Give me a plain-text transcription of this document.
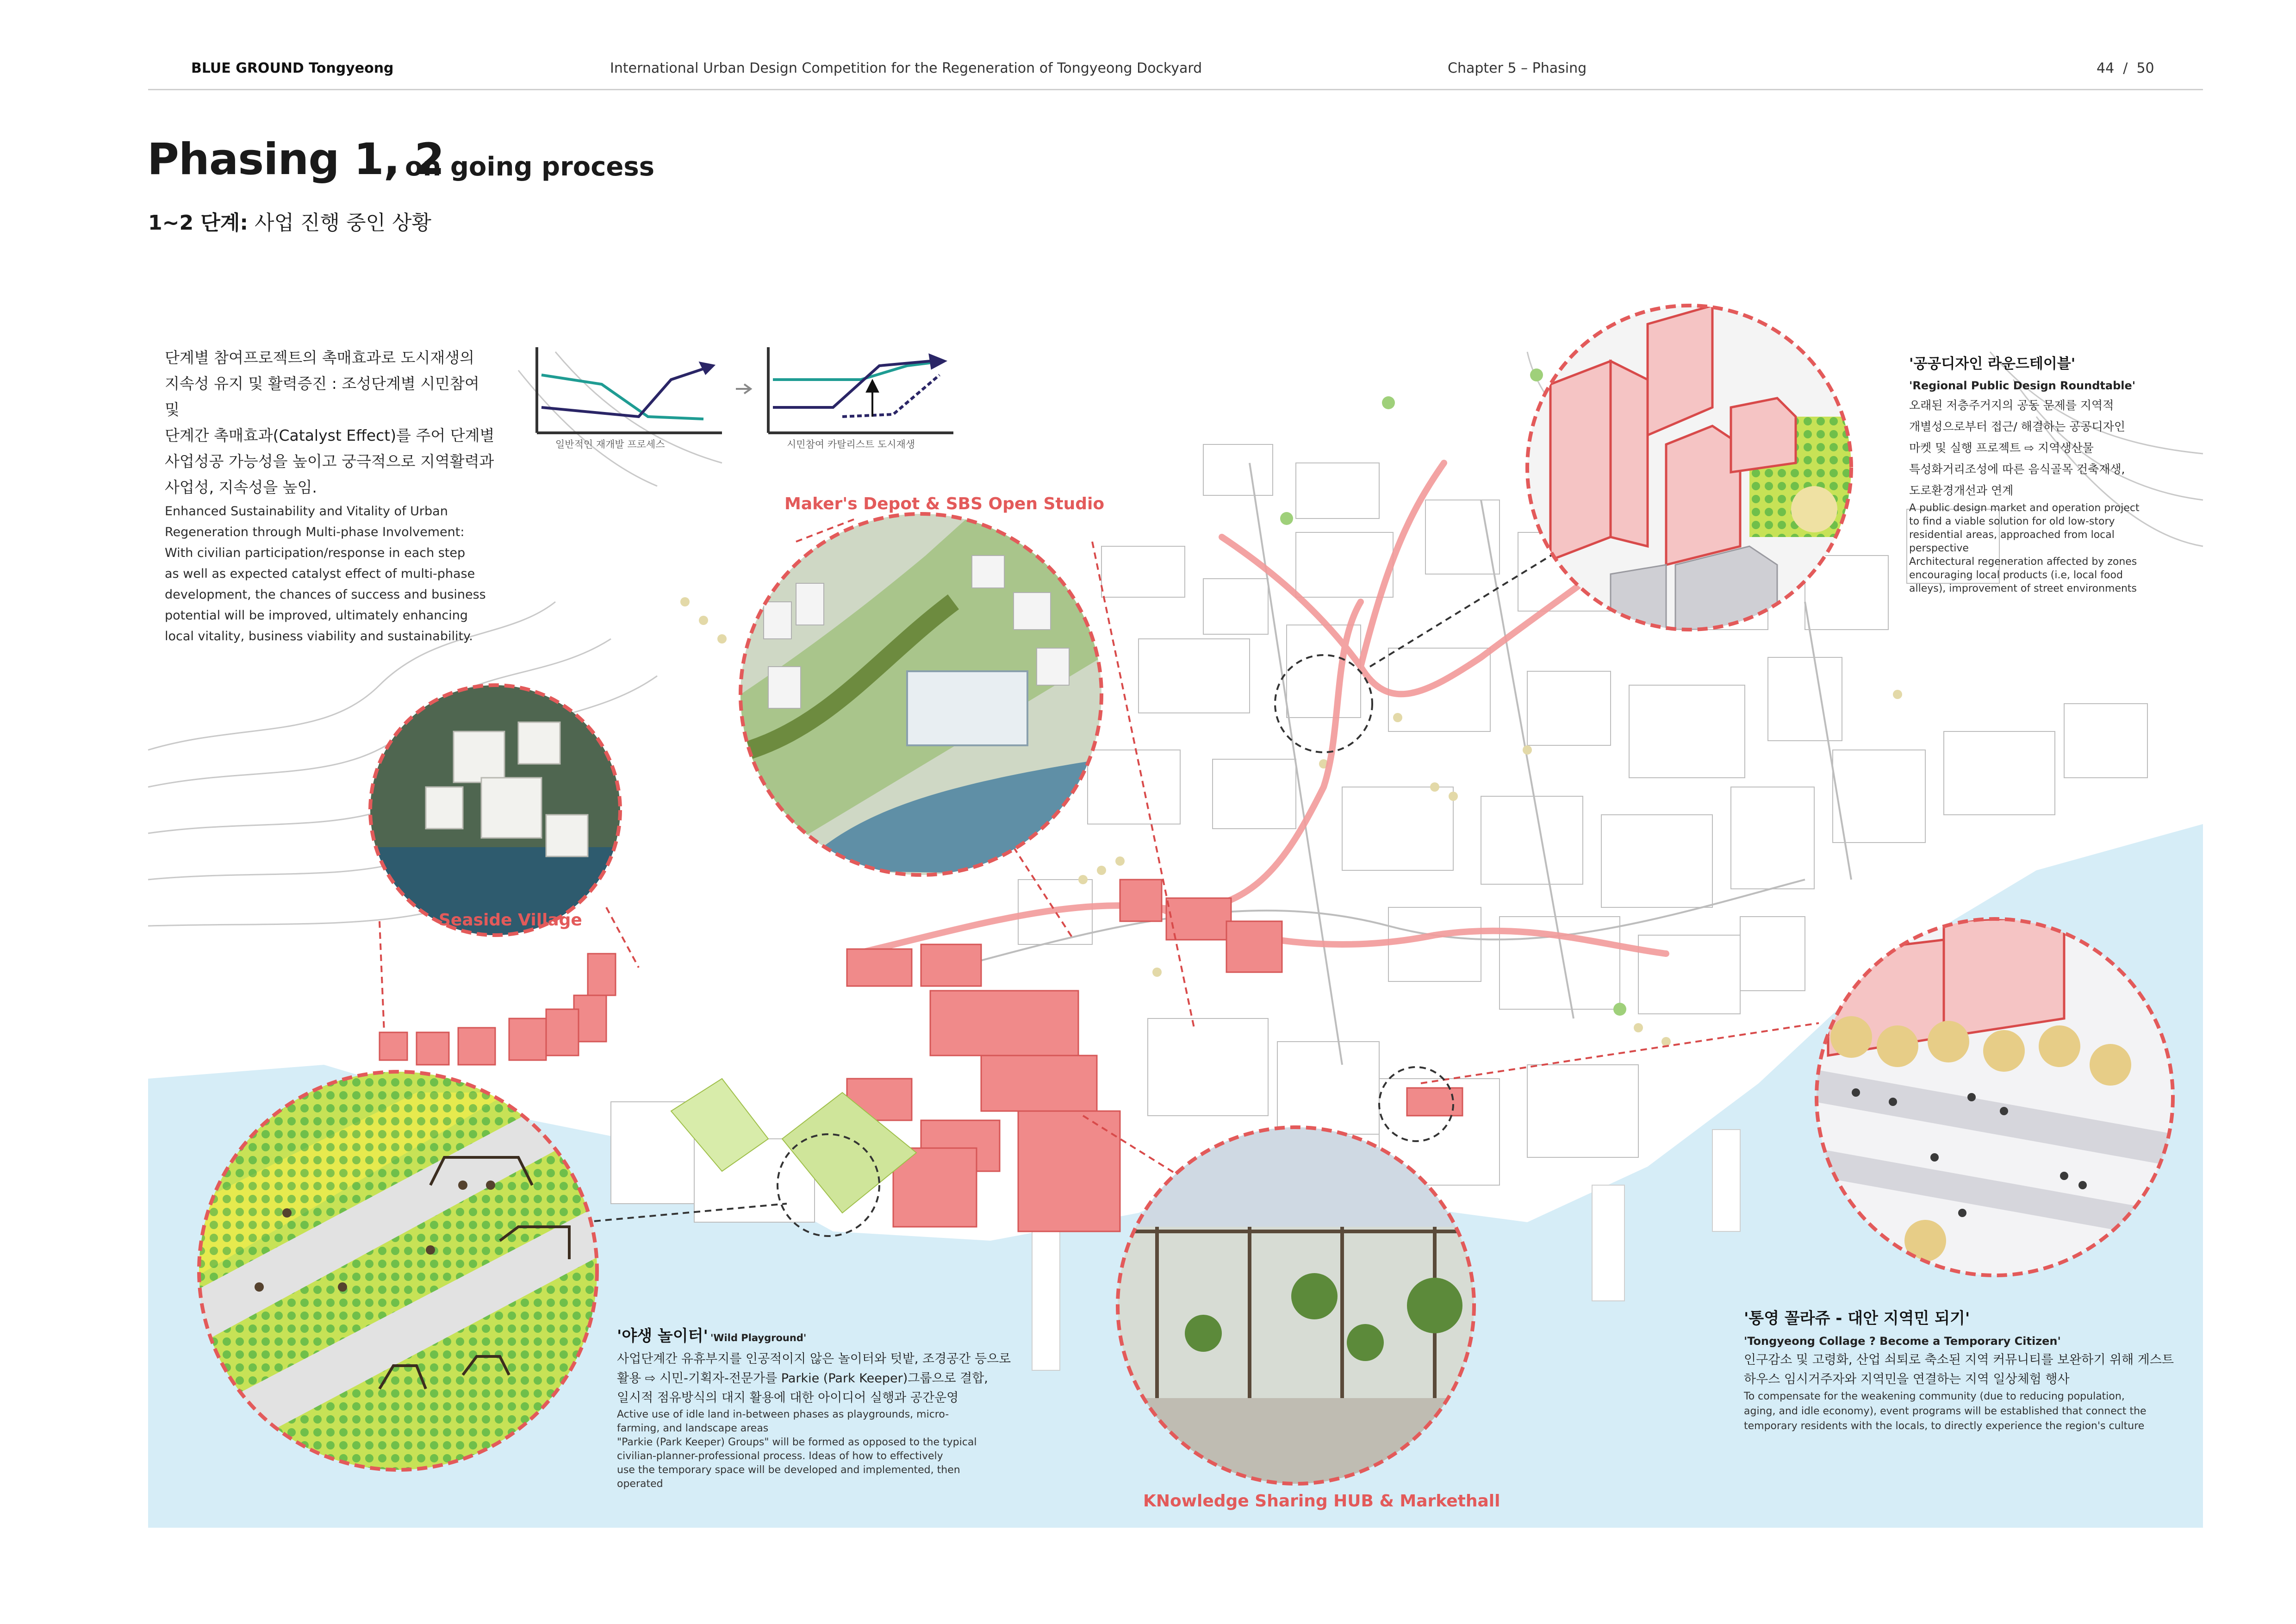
BLUE GROUND Tongyeong	International Urban Design Competition for the Regeneration of Tongyeong Dockyard	Chapter 5 – Phasing	44 / 50
Phasing 1, 2
on going process
1~2 단계: 사업 진행 중인 상황
단계별 참여프로젝트의 촉매효과로 도시재생의
지속성 유지 및 활력증진 : 조성단계별 시민참여 및
단계간 촉매효과(Catalyst Effect)를 주어 단계별
사업성공 가능성을 높이고 궁극적으로 지역활력과
사업성, 지속성을 높임.
Enhanced Sustainability and Vitality of Urban
Regeneration through Multi-phase Involvement:
With civilian participation/response in each step
as well as expected catalyst effect of multi-phase
development, the chances of success and business
potential will be improved, ultimately enhancing
local vitality, business viability and sustainability.
일반적인 재개발 프로세스	시민참여 카탈리스트 도시재생
Maker's Depot & SBS Open Studio
Seaside Village
KNowledge Sharing HUB & Markethall
'공공디자인 라운드테이블'
'Regional Public Design Roundtable'
오래된 저층주거지의 공동 문제를 지역적
개별성으로부터 접근/ 해결하는 공공디자인
마켓 및 실행 프로젝트 ⇨ 지역생산물
특성화거리조성에 따른 음식골목 건축재생,
도로환경개선과 연계
A public design market and operation project
to find a viable solution for old low-story
residential areas, approached from local
perspective
Architectural regeneration affected by zones
encouraging local products (i.e, local food
alleys), improvement of street environments
'야생 놀이터' 'Wild Playground'
사업단계간 유휴부지를 인공적이지 않은 놀이터와 텃밭, 조경공간 등으로
활용 ⇨ 시민-기획자-전문가를 Parkie (Park Keeper)그룹으로 결합,
일시적 점유방식의 대지 활용에 대한 아이디어 실행과 공간운영
Active use of idle land in-between phases as playgrounds, micro-
farming, and landscape areas
"Parkie (Park Keeper) Groups" will be formed as opposed to the typical
civilian-planner-professional process. Ideas of how to effectively
use the temporary space will be developed and implemented, then
operated
'통영 꼴라쥬 - 대안 지역민 되기'
'Tongyeong Collage ? Become a Temporary Citizen'
인구감소 및 고령화, 산업 쇠퇴로 축소된 지역 커뮤니티를 보완하기 위해 게스트
하우스 임시거주자와 지역민을 연결하는 지역 일상체험 행사
To compensate for the weakening community (due to reducing population,
aging, and idle economy), event programs will be established that connect the
temporary residents with the locals, to directly experience the region's culture
